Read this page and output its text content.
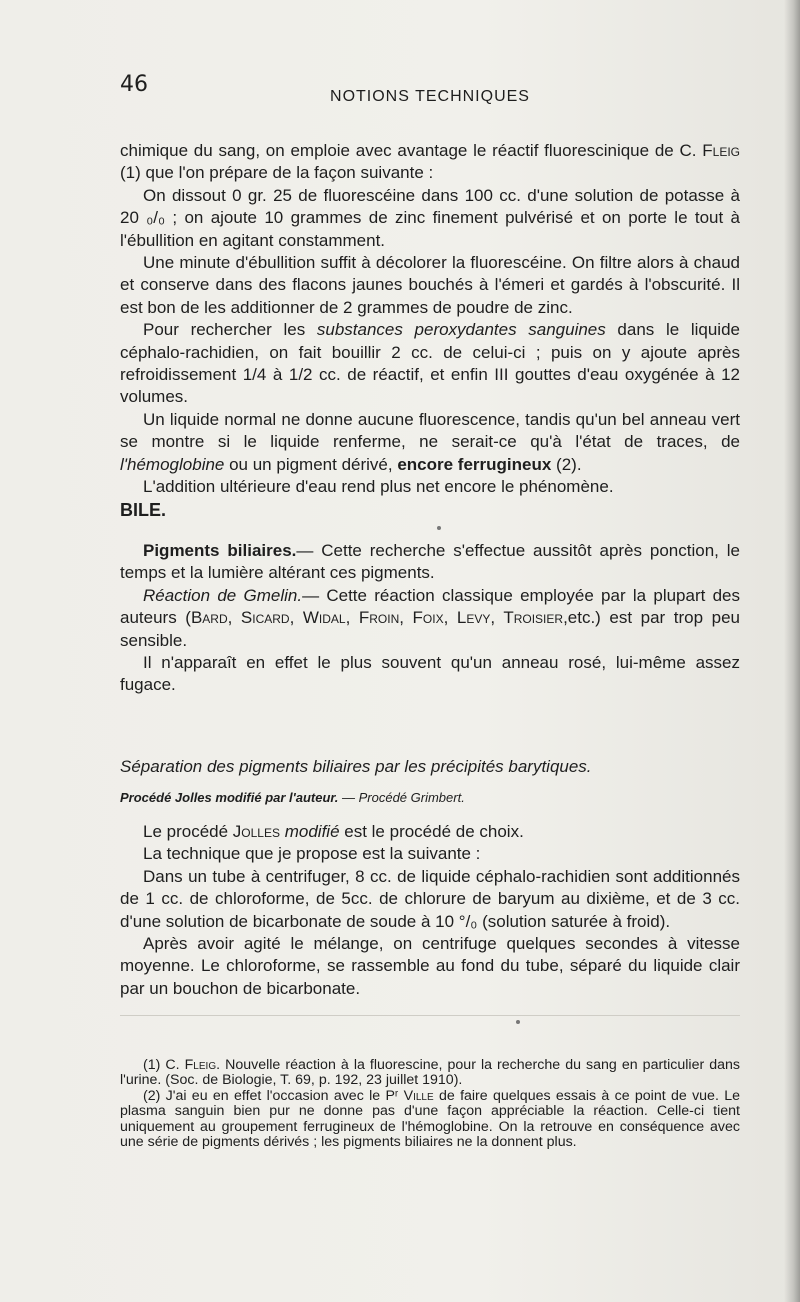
46	NOTIONS TECHNIQUES

chimique du sang, on emploie avec avantage le réactif fluorescinique de C. Fleig (1) que l'on prépare de la façon suivante :

On dissout 0 gr. 25 de fluorescéine dans 100 cc. d'une solution de potasse à 20 ₀/₀ ; on ajoute 10 grammes de zinc finement pulvérisé et on porte le tout à l'ébullition en agitant constamment.

Une minute d'ébullition suffit à décolorer la fluorescéine. On filtre alors à chaud et conserve dans des flacons jaunes bouchés à l'émeri et gardés à l'obscurité. Il est bon de les additionner de 2 grammes de poudre de zinc.

Pour rechercher les substances peroxydantes sanguines dans le liquide céphalo-rachidien, on fait bouillir 2 cc. de celui-ci ; puis on y ajoute après refroidissement 1/4 à 1/2 cc. de réactif, et enfin III gouttes d'eau oxygénée à 12 volumes.

Un liquide normal ne donne aucune fluorescence, tandis qu'un bel anneau vert se montre si le liquide renferme, ne serait-ce qu'à l'état de traces, de l'hémoglobine ou un pigment dérivé, encore ferrugineux (2).

L'addition ultérieure d'eau rend plus net encore le phénomène.

BILE.

Pigments biliaires.— Cette recherche s'effectue aussitôt après ponction, le temps et la lumière altérant ces pigments.

Réaction de Gmelin.— Cette réaction classique employée par la plupart des auteurs (Bard, Sicard, Widal, Froin, Foix, Levy, Troisier,etc.) est par trop peu sensible.

Il n'apparaît en effet le plus souvent qu'un anneau rosé, lui-même assez fugace.

Séparation des pigments biliaires par les précipités barytiques.
Procédé Jolles modifié par l'auteur. — Procédé Grimbert.

Le procédé Jolles modifié est le procédé de choix.

La technique que je propose est la suivante :

Dans un tube à centrifuger, 8 cc. de liquide céphalo-rachidien sont additionnés de 1 cc. de chloroforme, de 5cc. de chlorure de baryum au dixième, et de 3 cc. d'une solution de bicarbonate de soude à 10 °/₀ (solution saturée à froid).

Après avoir agité le mélange, on centrifuge quelques secondes à vitesse moyenne. Le chloroforme, se rassemble au fond du tube, séparé du liquide clair par un bouchon de bicarbonate.

(1) C. Fleig. Nouvelle réaction à la fluorescine, pour la recherche du sang en particulier dans l'urine. (Soc. de Biologie, T. 69, p. 192, 23 juillet 1910).

(2) J'ai eu en effet l'occasion avec le Pʳ Ville de faire quelques essais à ce point de vue. Le plasma sanguin bien pur ne donne pas d'une façon appréciable la réaction. Celle-ci tient uniquement au groupement ferrugineux de l'hémoglobine. On la retrouve en conséquence avec une série de pigments dérivés ; les pigments biliaires ne la donnent plus.
